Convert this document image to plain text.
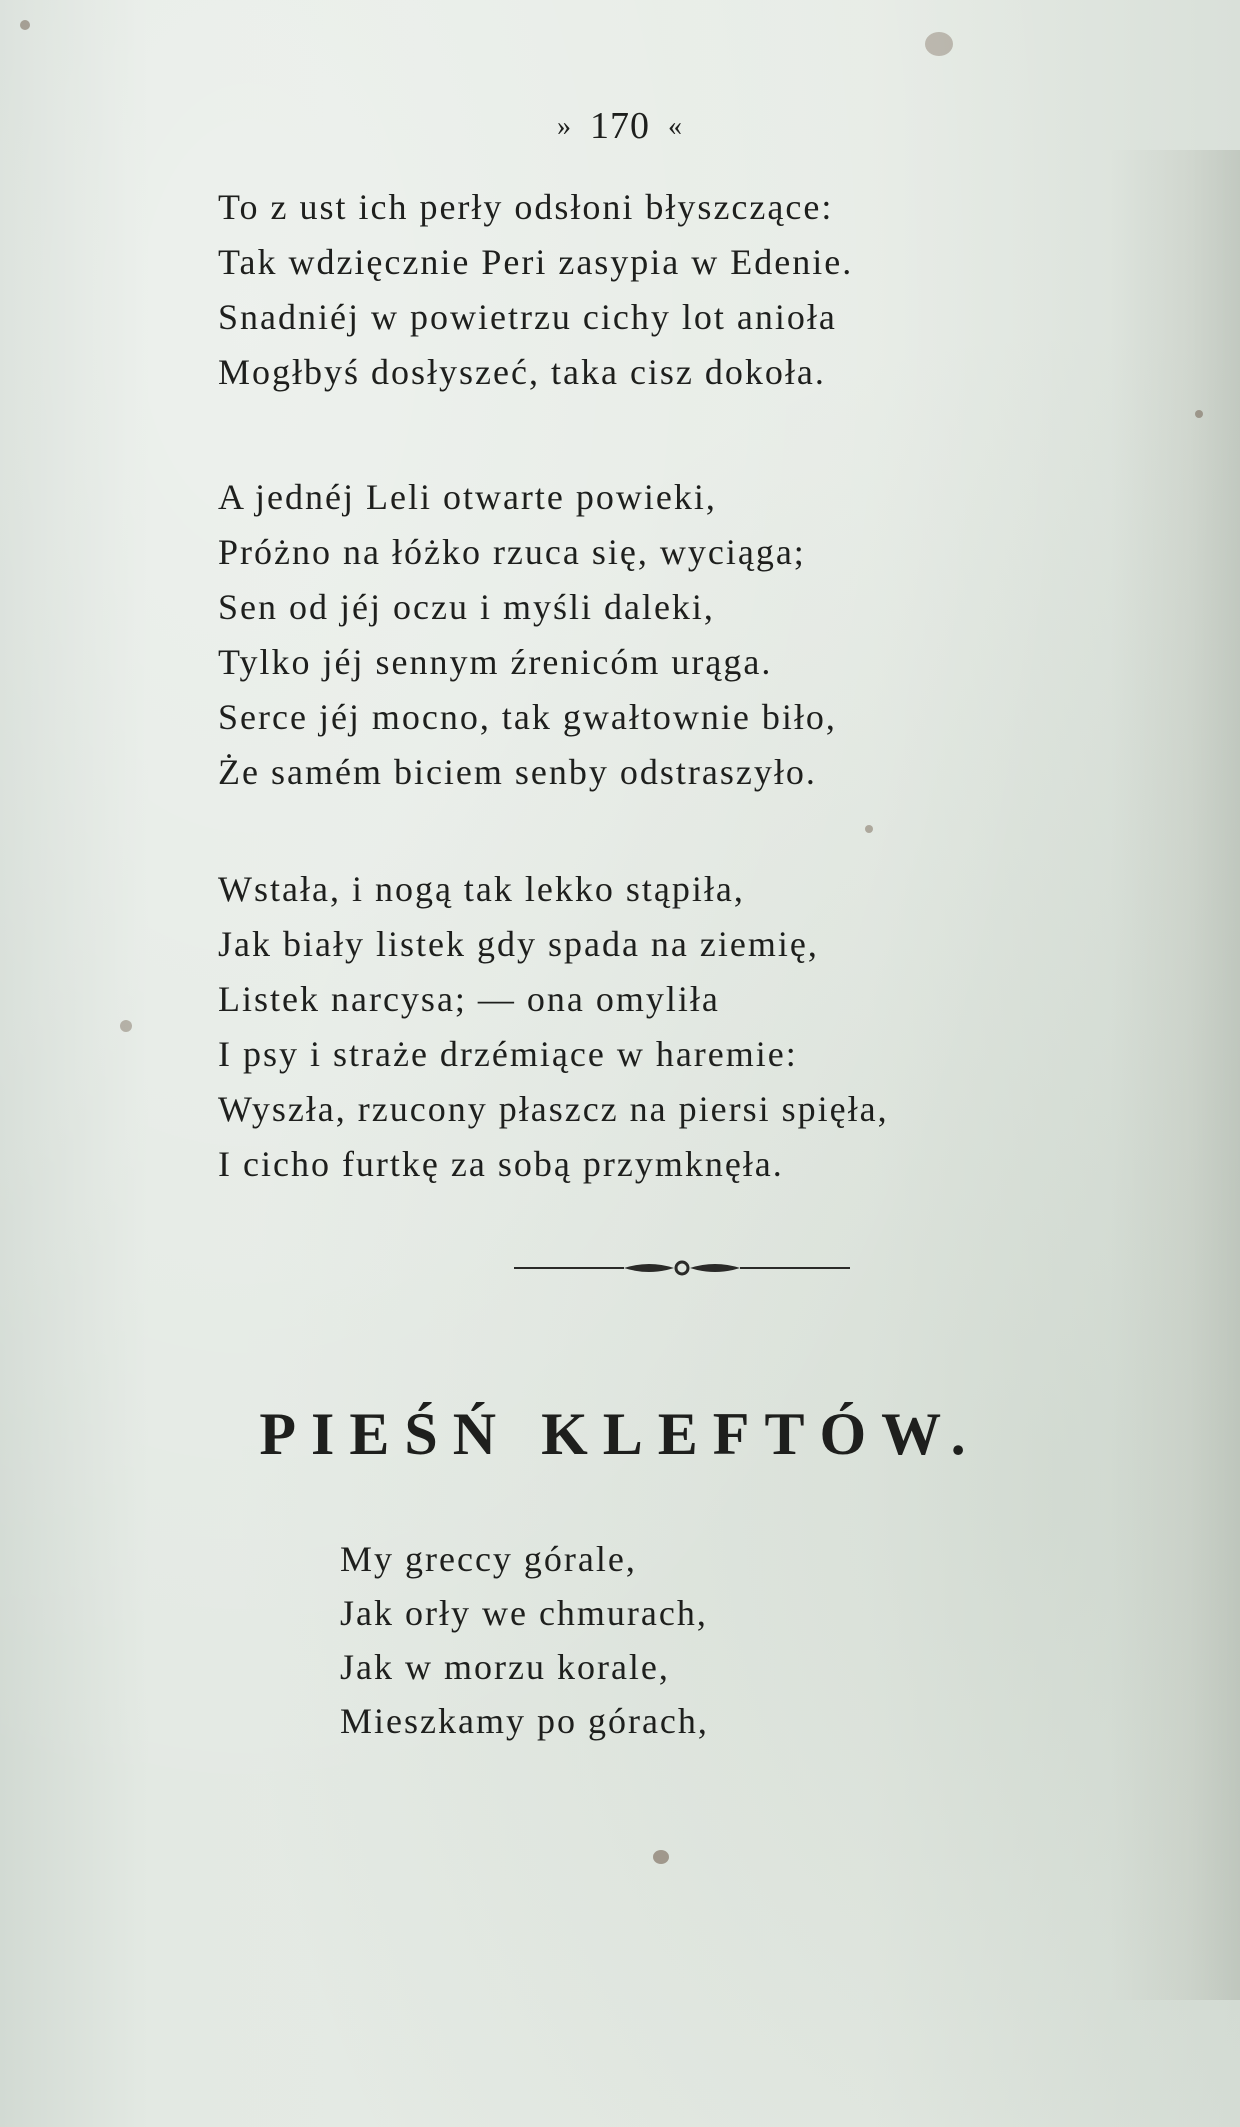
» 170 «
To z ust ich perły odsłoni błyszczące:
Tak wdzięcznie Peri zasypia w Edenie.
Snadniéj w powietrzu cichy lot anioła
Mogłbyś dosłyszeć, taka cisz dokoła.
A jednéj Leli otwarte powieki,
Próżno na łóżko rzuca się, wyciąga;
Sen od jéj oczu i myśli daleki,
Tylko jéj sennym źrenicóm urąga.
Serce jéj mocno, tak gwałtownie biło,
Że samém biciem senby odstraszyło.
Wstała, i nogą tak lekko stąpiła,
Jak biały listek gdy spada na ziemię,
Listek narcysa; — ona omyliła
I psy i straże drzémiące w haremie:
Wyszła, rzucony płaszcz na piersi spięła,
I cicho furtkę za sobą przymknęła.
PIEŚŃ KLEFTÓW.
My greccy górale,
Jak orły we chmurach,
Jak w morzu korale,
Mieszkamy po górach,
